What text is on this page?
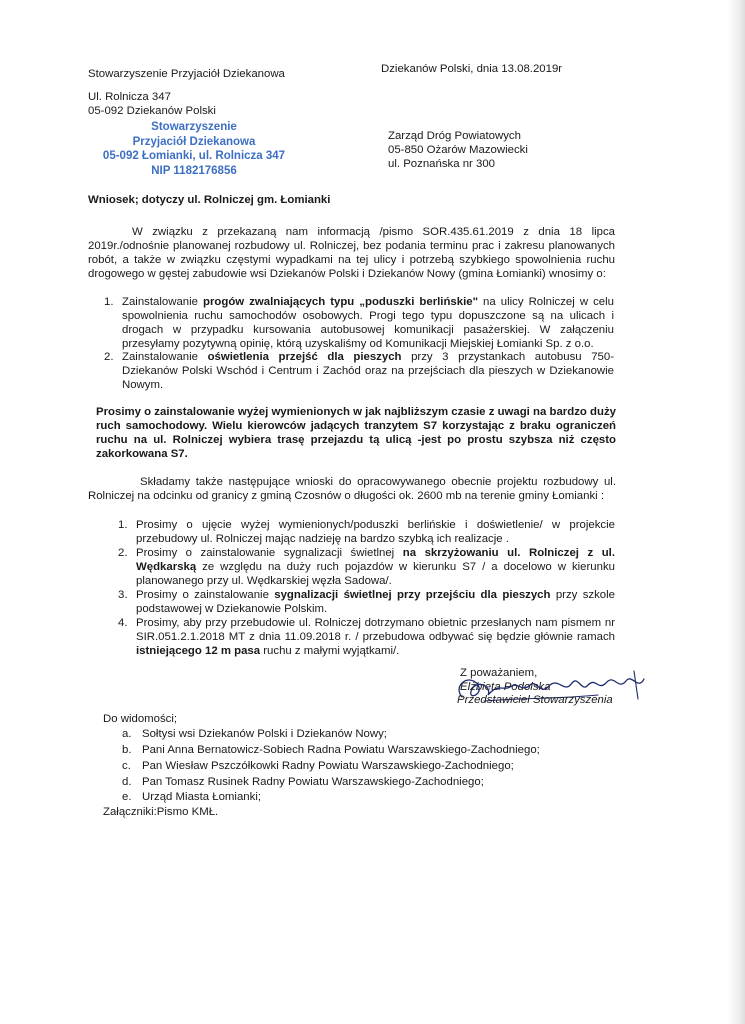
Stowarzyszenie Przyjaciół Dziekanowa	Dziekanów Polski, dnia 13.08.2019r
Ul. Rolnicza 347
05-092 Dziekanów Polski
Stowarzyszenie
Przyjaciół Dziekanowa
05-092 Łomianki, ul. Rolnicza 347
NIP 1182176856
Zarząd Dróg Powiatowych
05-850 Ożarów Mazowiecki
ul. Poznańska nr 300
Wniosek; dotyczy ul. Rolniczej gm. Łomianki
W związku z przekazaną nam informacją /pismo SOR.435.61.2019 z dnia 18 lipca 2019r./odnośnie planowanej rozbudowy ul. Rolniczej, bez podania terminu prac i zakresu planowanych robót, a także w związku częstymi wypadkami na tej ulicy i potrzebą szybkiego spowolnienia ruchu drogowego w gęstej zabudowie wsi Dziekanów Polski i Dziekanów Nowy (gmina Łomianki) wnosimy o:
1. Zainstalowanie progów zwalniających typu „poduszki berlińskie" na ulicy Rolniczej w celu spowolnienia ruchu samochodów osobowych. Progi tego typu dopuszczone są na ulicach i drogach w przypadku kursowania autobusowej komunikacji pasażerskiej. W załączeniu przesyłamy pozytywną opinię, którą uzyskaliśmy od Komunikacji Miejskiej Łomianki Sp. z o.o.
2. Zainstalowanie oświetlenia przejść dla pieszych przy 3 przystankach autobusu 750- Dziekanów Polski Wschód i Centrum i Zachód oraz na przejściach dla pieszych w Dziekanowie Nowym.
Prosimy o zainstalowanie wyżej wymienionych w jak najbliższym czasie z uwagi na bardzo duży ruch samochodowy. Wielu kierowców jadących tranzytem S7 korzystając z braku ograniczeń ruchu na ul. Rolniczej wybiera trasę przejazdu tą ulicą -jest po prostu szybsza niż często zakorkowana S7.
Składamy także następujące wnioski do opracowywanego obecnie projektu rozbudowy ul. Rolniczej na odcinku od granicy z gminą Czosnów o długości ok. 2600 mb na terenie gminy Łomianki :
1. Prosimy o ujęcie wyżej wymienionych/poduszki berlińskie i doświetlenie/ w projekcie przebudowy ul. Rolniczej mając nadzieję na bardzo szybką ich realizacje .
2. Prosimy o zainstalowanie sygnalizacji świetlnej na skrzyżowaniu ul. Rolniczej z ul. Wędkarską ze względu na duży ruch pojazdów w kierunku S7 / a docelowo w kierunku planowanego przy ul. Wędkarskiej węzła Sadowa/.
3. Prosimy o zainstalowanie sygnalizacji świetlnej przy przejściu dla pieszych przy szkole podstawowej w Dziekanowie Polskim.
4. Prosimy, aby przy przebudowie ul. Rolniczej dotrzymano obietnic przesłanych nam pismem nr SIR.051.2.1.2018 MT z dnia 11.09.2018 r. / przebudowa odbywać się będzie głównie ramach istniejącego 12 m pasa ruchu z małymi wyjątkami/.
Z poważaniem,
Elżbieta Podolska
Przedstawiciel Stowarzyszenia
Do widomości;
a. Sołtysi wsi Dziekanów Polski i Dziekanów Nowy;
b. Pani Anna Bernatowicz-Sobiech Radna Powiatu Warszawskiego-Zachodniego;
c. Pan Wiesław Pszczółkowki Radny Powiatu Warszawskiego-Zachodniego;
d. Pan Tomasz Rusinek Radny Powiatu Warszawskiego-Zachodniego;
e. Urząd Miasta Łomianki;
Załączniki:Pismo KMŁ.
